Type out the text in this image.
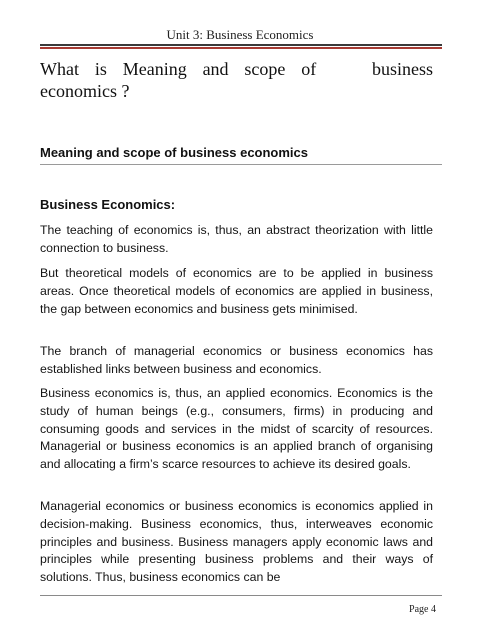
Unit 3: Business Economics
What is Meaning and scope of	business
economics ?
Meaning and scope of business economics
Business Economics:

The teaching of economics is, thus, an abstract theorization with little connection to business.

But theoretical models of economics are to be applied in business areas. Once theoretical models of economics are applied in business, the gap between economics and business gets minimised.

The branch of managerial economics or business economics has established links between business and economics.

Business economics is, thus, an applied economics. Economics is the study of human beings (e.g., consumers, firms) in producing and consuming goods and services in the midst of scarcity of resources. Managerial or business economics is an applied branch of organising and allocating a firm’s scarce resources to achieve its desired goals.

Managerial economics or business economics is economics applied in decision-making. Business economics, thus, interweaves economic principles and business. Business managers apply economic laws and principles while presenting business problems and their ways of solutions. Thus, business economics can be

Page 4
